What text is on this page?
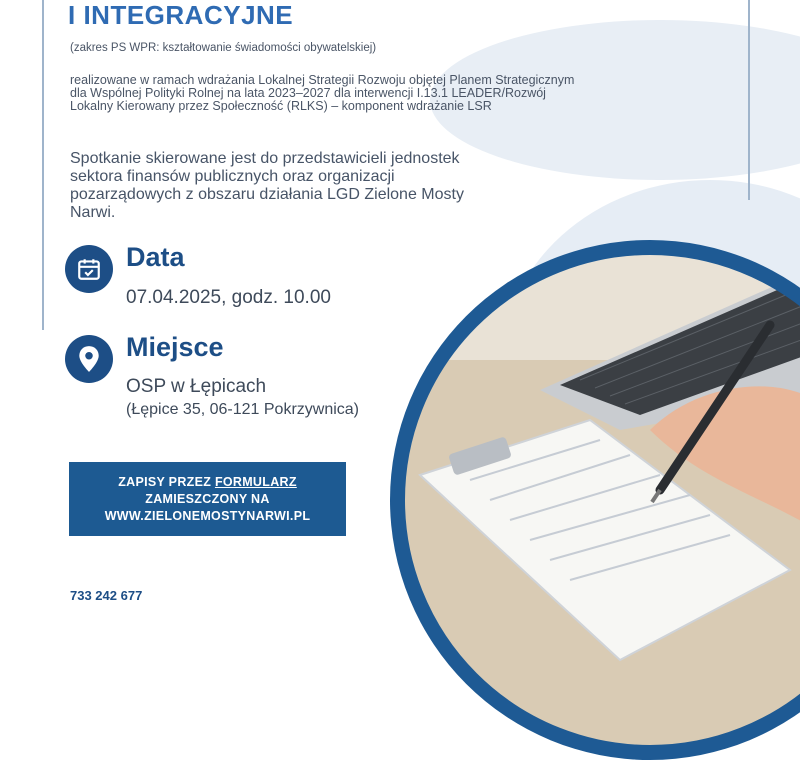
I INTEGRACYJNE

(zakres PS WPR: kształtowanie świadomości obywatelskiej)

realizowane w ramach wdrażania Lokalnej Strategii Rozwoju objętej Planem Strategicznym dla Wspólnej Polityki Rolnej na lata 2023–2027 dla interwencji I.13.1 LEADER/Rozwój Lokalny Kierowany przez Społeczność (RLKS) – komponent wdrażanie LSR

Spotkanie skierowane jest do przedstawicieli jednostek sektora finansów publicznych oraz organizacji pozarządowych z obszaru działania LGD Zielone Mosty Narwi.

Data

07.04.2025, godz. 10.00

Miejsce

OSP w Łępicach

(Łępice 35, 06-121 Pokrzywnica)

ZAPISY PRZEZ FORMULARZ
ZAMIESZCZONY NA
WWW.ZIELONEMOSTYNARWI.PL
733 242 677
